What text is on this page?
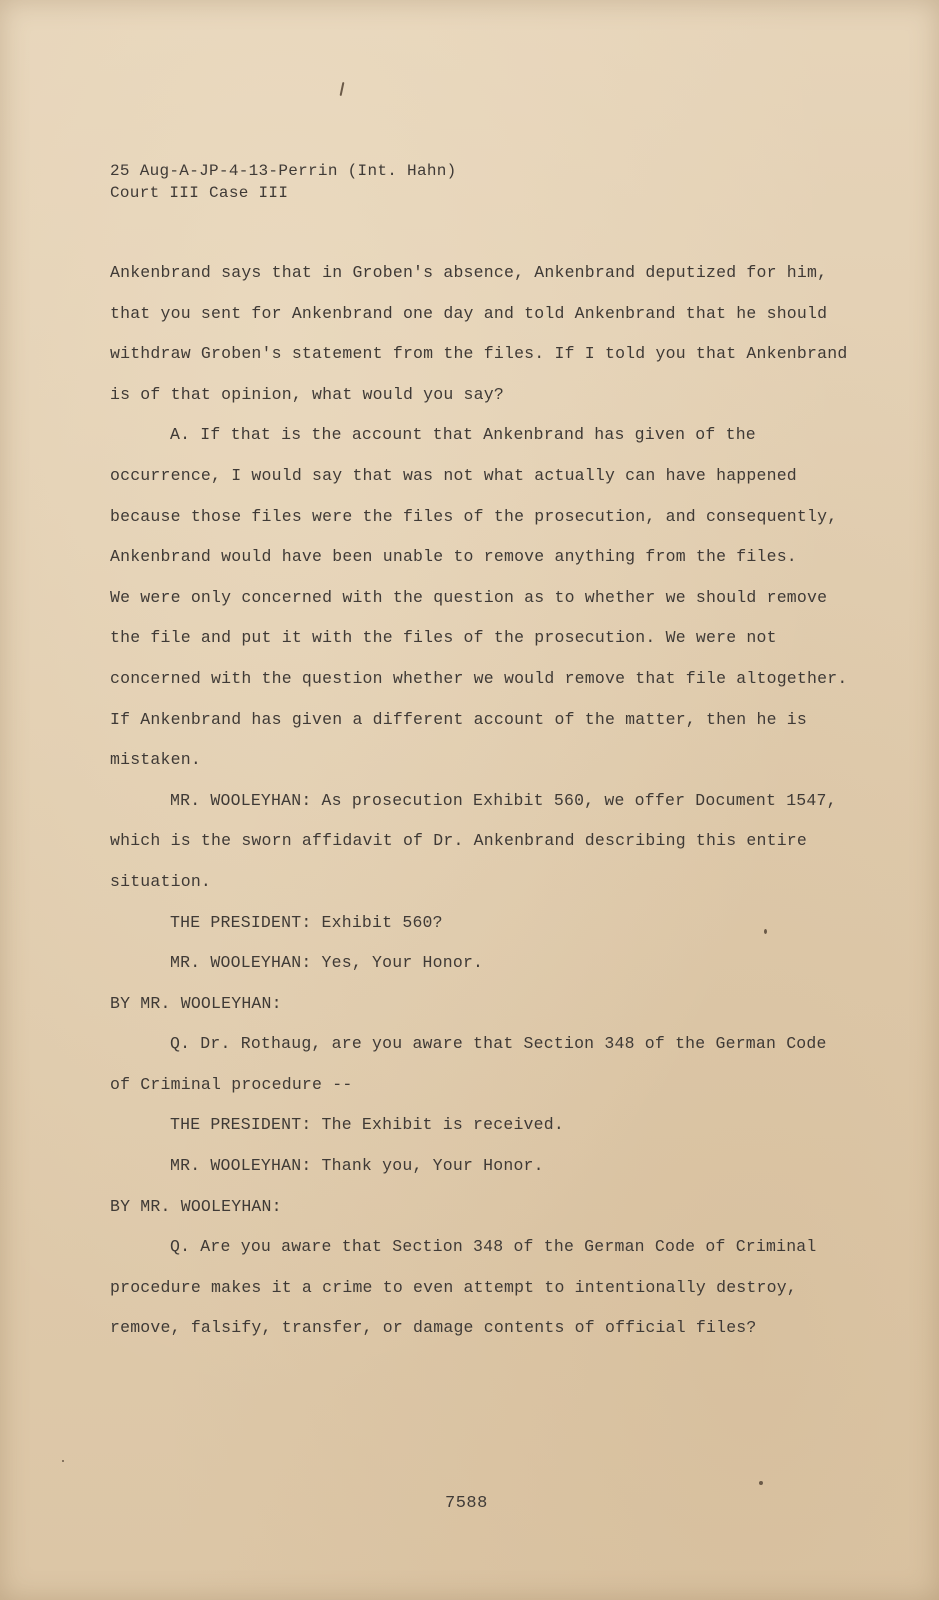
25 Aug-A-JP-4-13-Perrin (Int. Hahn)
Court III Case III
Ankenbrand says that in Groben's absence, Ankenbrand deputized for him,
that you sent for Ankenbrand one day and told Ankenbrand that he should
withdraw Groben's statement from the files. If I told you that Ankenbrand
is of that opinion, what would you say?
A. If that is the account that Ankenbrand has given of the
occurrence, I would say that was not what actually can have happened
because those files were the files of the prosecution, and consequently,
Ankenbrand would have been unable to remove anything from the files.
We were only concerned with the question as to whether we should remove
the file and put it with the files of the prosecution. We were not
concerned with the question whether we would remove that file altogether.
If Ankenbrand has given a different account of the matter, then he is
mistaken.
MR. WOOLEYHAN: As prosecution Exhibit 560, we offer Document 1547,
which is the sworn affidavit of Dr. Ankenbrand describing this entire
situation.
THE PRESIDENT: Exhibit 560?
MR. WOOLEYHAN: Yes, Your Honor.
BY MR. WOOLEYHAN:
Q. Dr. Rothaug, are you aware that Section 348 of the German Code
of Criminal procedure --
THE PRESIDENT: The Exhibit is received.
MR. WOOLEYHAN: Thank you, Your Honor.
BY MR. WOOLEYHAN:
Q. Are you aware that Section 348 of the German Code of Criminal
procedure makes it a crime to even attempt to intentionally destroy,
remove, falsify, transfer, or damage contents of official files?
7588
